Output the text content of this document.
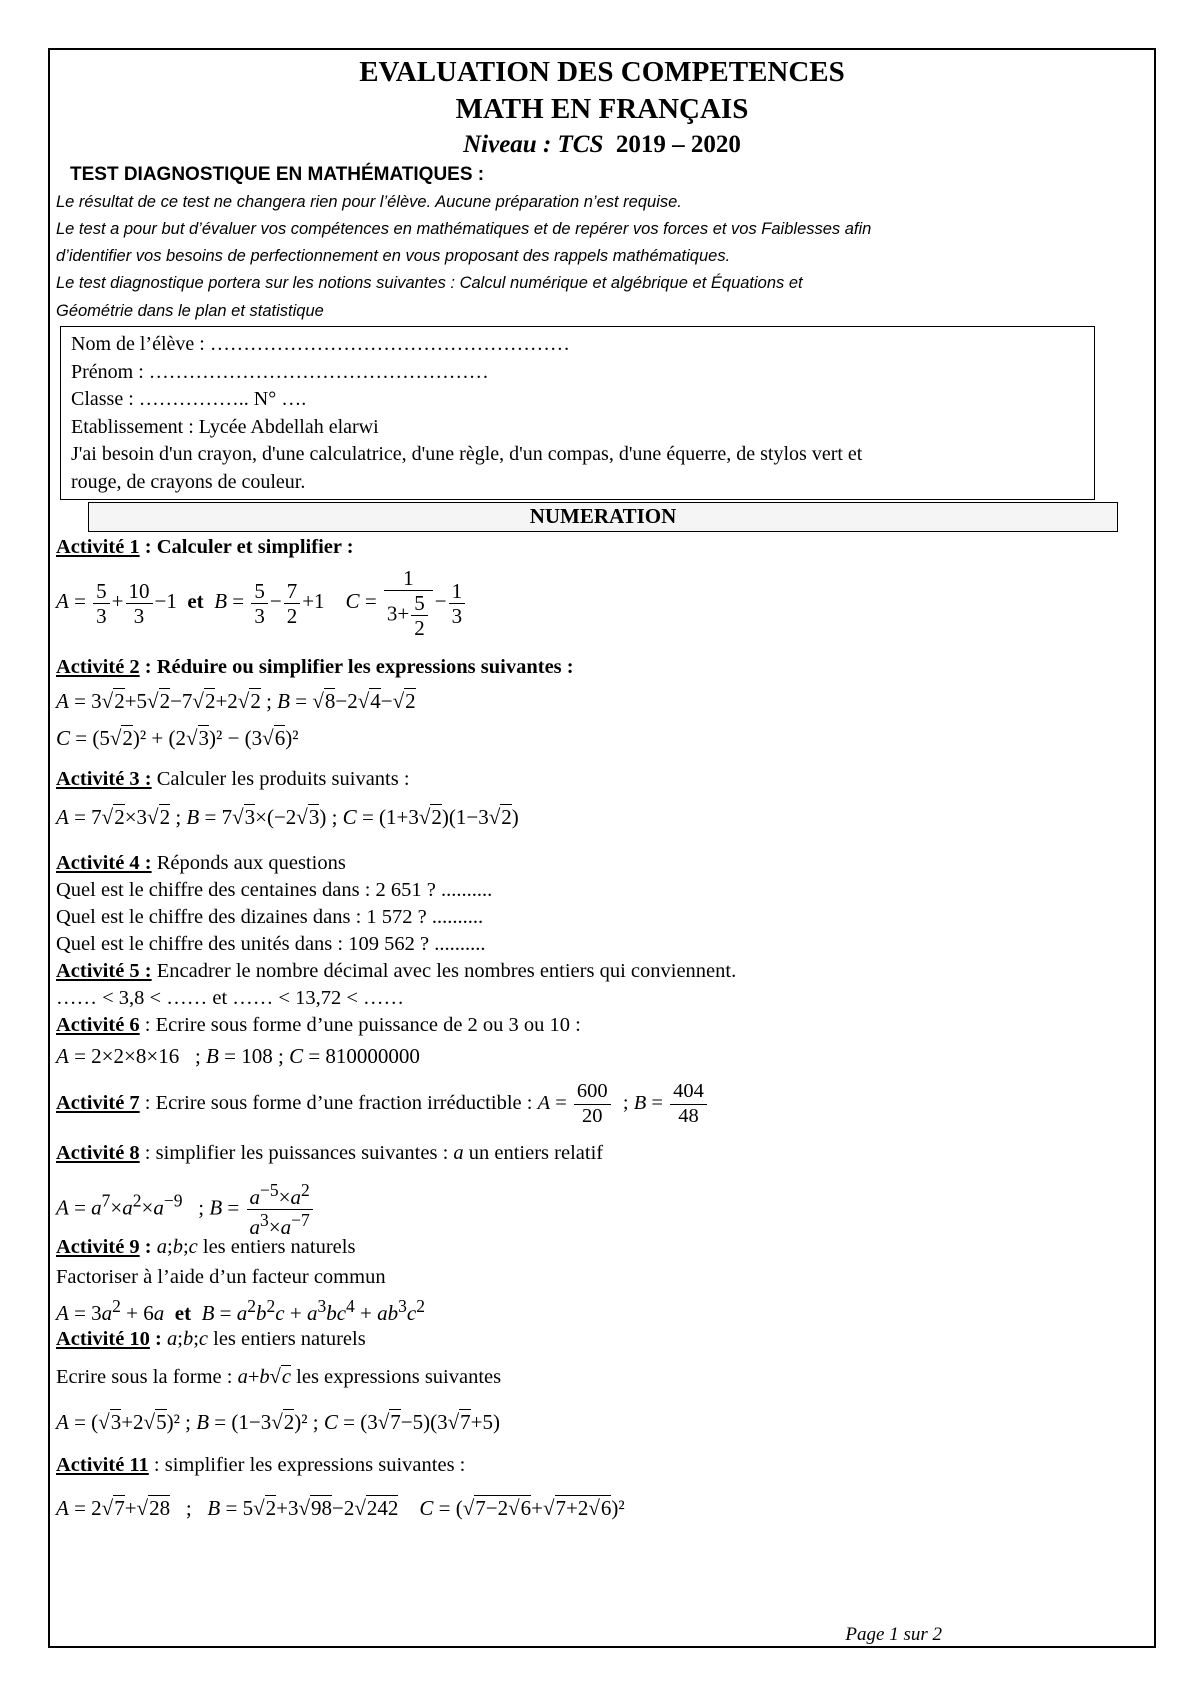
EVALUATION DES COMPETENCES
MATH EN FRANÇAIS
Niveau : TCS 2019 – 2020
TEST DIAGNOSTIQUE EN MATHÉMATIQUES :
Le résultat de ce test ne changera rien pour l’élève. Aucune préparation n’est requise.
Le test a pour but d’évaluer vos compétences en mathématiques et de repérer vos forces et vos Faiblesses afin
d’identifier vos besoins de perfectionnement en vous proposant des rappels mathématiques.
Le test diagnostique portera sur les notions suivantes : Calcul numérique et algébrique et Équations et
Géométrie dans le plan et statistique
Nom de l’élève : ………………………………………………
Prénom : ……………………………………………
Classe : …………….. N° ….
Etablissement : Lycée Abdellah elarwi
J'ai besoin d'un crayon, d'une calculatrice, d'une règle, d'un compas, d'une équerre, de stylos vert et
rouge, de crayons de couleur.
NUMERATION
Activité 1 : Calculer et simplifier :
$A = \frac{5}{3} + \frac{10}{3} -1$  et $B = \frac{5}{3} - \frac{7}{2} +1$    $C = \frac{1}{3+ \frac{5}{2}} - \frac{1}{3}$
Activité 2 : Réduire ou simplifier les expressions suivantes :
A = 3√2+5√2−7√2+2√2 ; B = √8−2√4−√2
C = (5√2)² + (2√3)² − (3√6)²
Activité 3 : Calculer les produits suivants :
A = 7√2×3√2 ; B = 7√3×(−2√3) ; C = (1+3√2)(1−3√2)
Activité 4 : Réponds aux questions
Quel est le chiffre des centaines dans : 2 651 ? ..........
Quel est le chiffre des dizaines dans : 1 572 ? ..........
Quel est le chiffre des unités dans : 109 562 ? ..........
Activité 5 : Encadrer le nombre décimal avec les nombres entiers qui conviennent.
…… < 3,8 < …… et …… < 13,72 < ……
Activité 6 : Ecrire sous forme d’une puissance de 2 ou 3 ou 10 :
A = 2×2×8×16   ; B = 108 ; C = 810000000
Activité 7 : Ecrire sous forme d’une fraction irréductible : $A = \frac{600}{20}$ ; $B = \frac{404}{48}$
Activité 8 : simplifier les puissances suivantes : a un entiers relatif
$A = a^7\times a^2\times a^{-9}$   ; $B = \frac{a^{-5}\times a^2}{a^3\times a^{-7}}$
Activité 9 : a;b;c les entiers naturels
Factoriser à l’aide d’un facteur commun
$A = 3a^2 + 6a$ et $B = a^2b^2c + a^3bc^4 + ab^3c^2$
Activité 10 : a;b;c les entiers naturels
Ecrire sous la forme : a+b√c les expressions suivantes
A = (√3+2√5)² ; B = (1−3√2)² ; C = (3√7−5)(3√7+5)
Activité 11 : simplifier les expressions suivantes :
A = 2√7+√28   ;   B = 5√2+3√98−2√242 C = (√7−2√6+√7+2√6)²
Page 1 sur 2
